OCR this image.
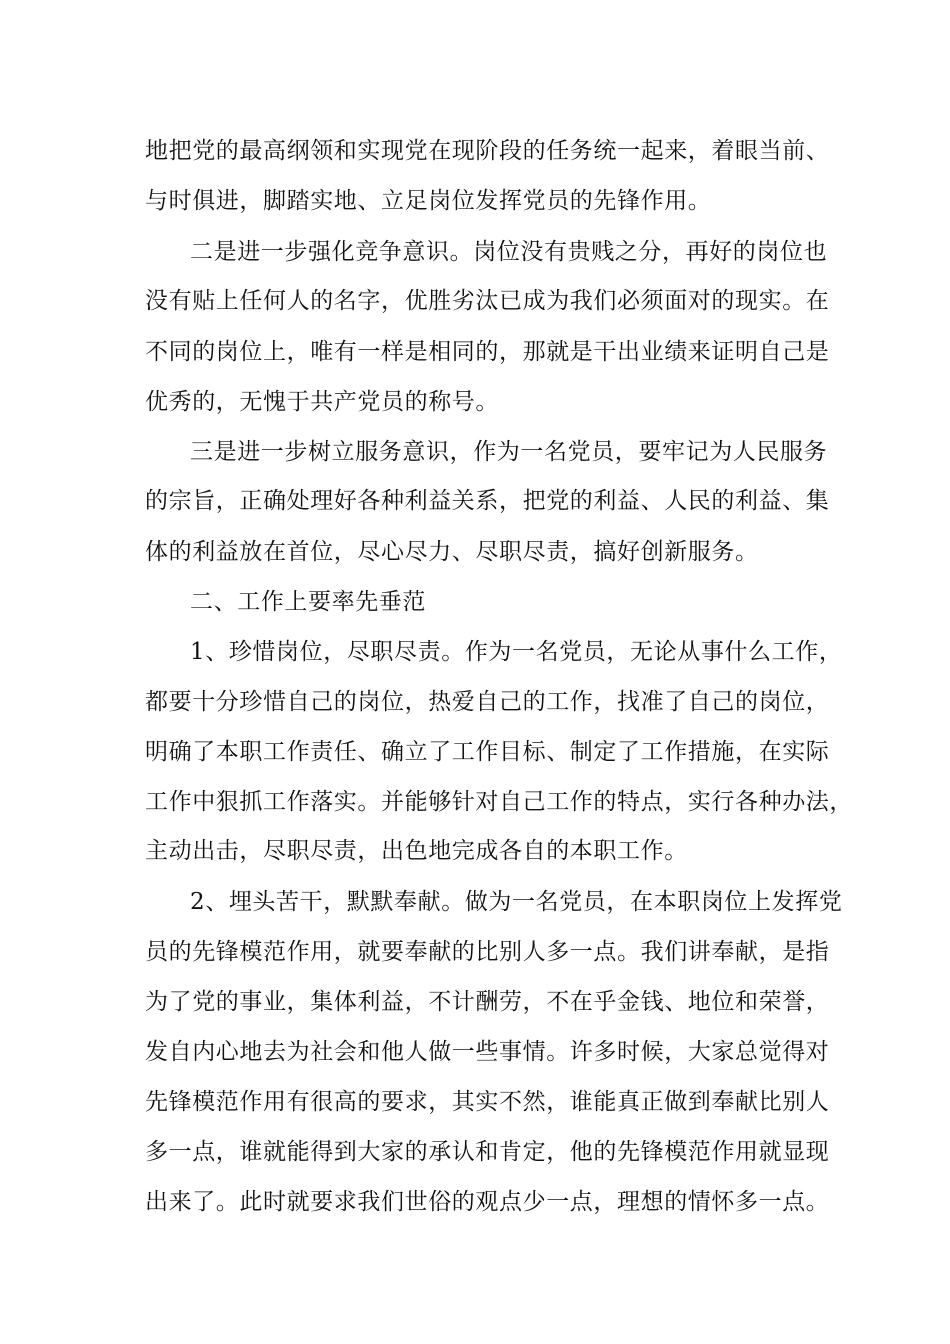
地把党的最高纲领和实现党在现阶段的任务统一起来，着眼当前、
与时俱进，脚踏实地、立足岗位发挥党员的先锋作用。
二是进一步强化竞争意识。岗位没有贵贱之分，再好的岗位也
没有贴上任何人的名字，优胜劣汰已成为我们必须面对的现实。在
不同的岗位上，唯有一样是相同的，那就是干出业绩来证明自己是
优秀的，无愧于共产党员的称号。
三是进一步树立服务意识，作为一名党员，要牢记为人民服务
的宗旨，正确处理好各种利益关系，把党的利益、人民的利益、集
体的利益放在首位，尽心尽力、尽职尽责，搞好创新服务。
二、工作上要率先垂范
1、珍惜岗位，尽职尽责。作为一名党员，无论从事什么工作，
都要十分珍惜自己的岗位，热爱自己的工作，找准了自己的岗位，
明确了本职工作责任、确立了工作目标、制定了工作措施，在实际
工作中狠抓工作落实。并能够针对自己工作的特点，实行各种办法，
主动出击，尽职尽责，出色地完成各自的本职工作。
2、埋头苦干，默默奉献。做为一名党员，在本职岗位上发挥党
员的先锋模范作用，就要奉献的比别人多一点。我们讲奉献，是指
为了党的事业，集体利益，不计酬劳，不在乎金钱、地位和荣誉，
发自内心地去为社会和他人做一些事情。许多时候，大家总觉得对
先锋模范作用有很高的要求，其实不然，谁能真正做到奉献比别人
多一点，谁就能得到大家的承认和肯定，他的先锋模范作用就显现
出来了。此时就要求我们世俗的观点少一点，理想的情怀多一点。
